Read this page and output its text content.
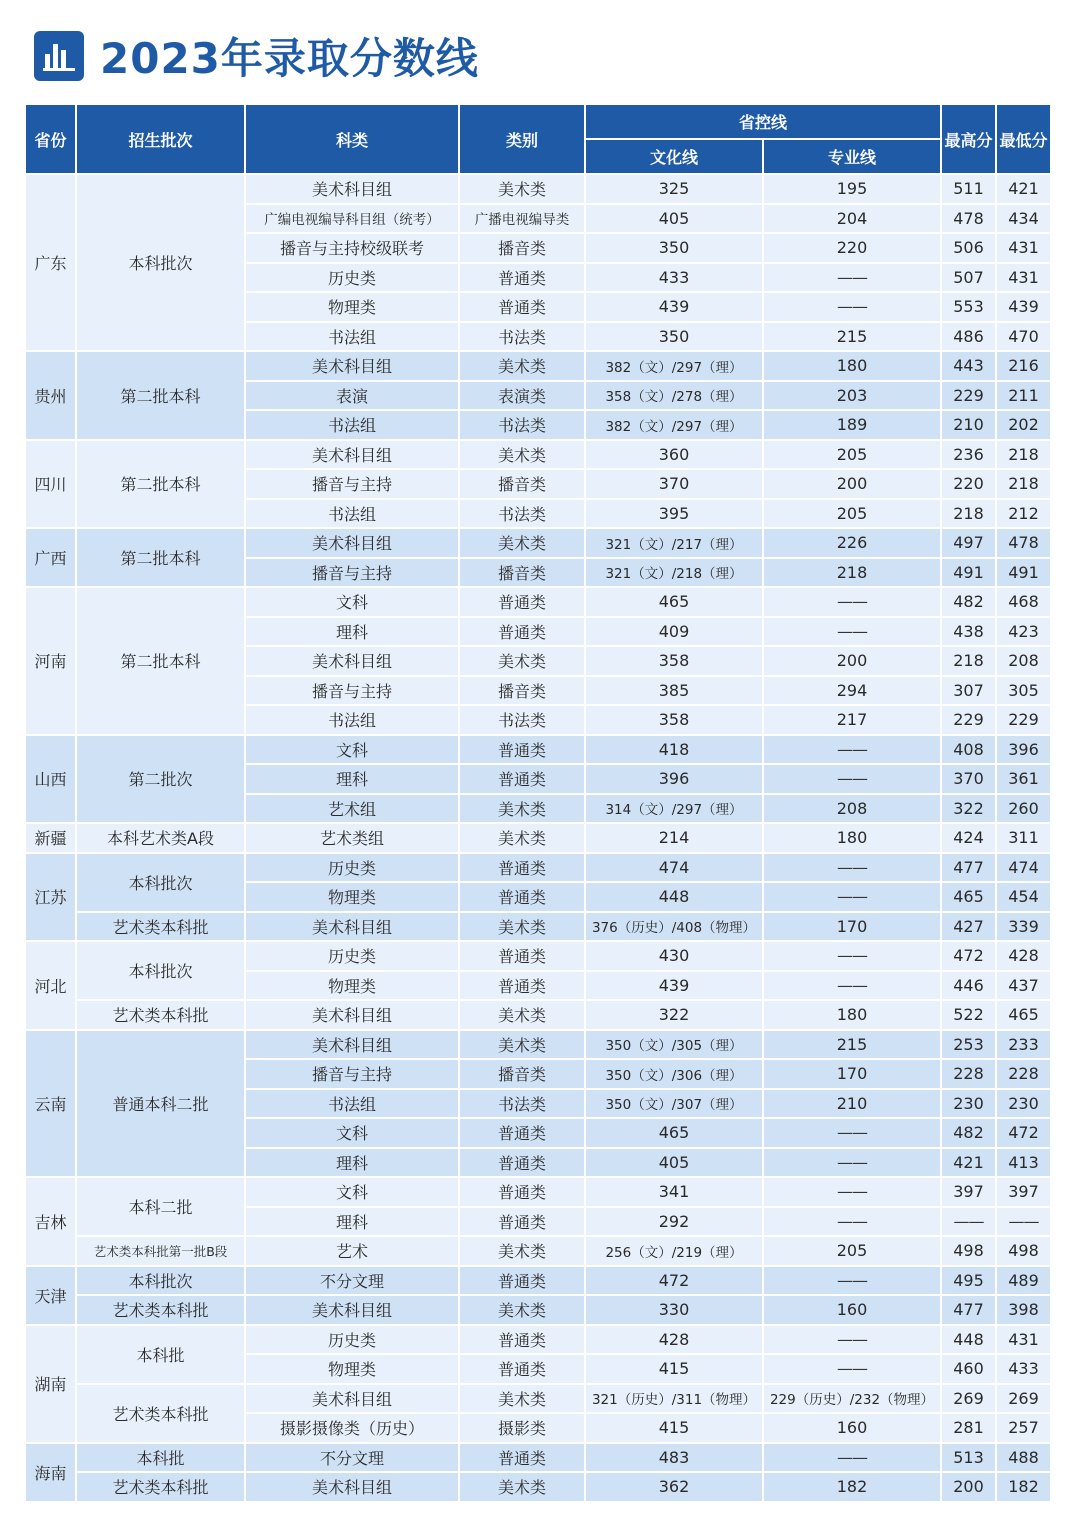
2023年录取分数线
省份	招生批次	科类	类别	省控线		最高分	最低分
				文化线	专业线		
广东	本科批次	美术科目组	美术类	325	195	511	421
		广编电视编导科目组（统考）	广播电视编导类	405	204	478	434
		播音与主持校级联考	播音类	350	220	506	431
		历史类	普通类	433	——	507	431
		物理类	普通类	439	——	553	439
		书法组	书法类	350	215	486	470
贵州	第二批本科	美术科目组	美术类	382（文）/297（理）	180	443	216
		表演	表演类	358（文）/278（理）	203	229	211
		书法组	书法类	382（文）/297（理）	189	210	202
四川	第二批本科	美术科目组	美术类	360	205	236	218
		播音与主持	播音类	370	200	220	218
		书法组	书法类	395	205	218	212
广西	第二批本科	美术科目组	美术类	321（文）/217（理）	226	497	478
		播音与主持	播音类	321（文）/218（理）	218	491	491
河南	第二批本科	文科	普通类	465	——	482	468
		理科	普通类	409	——	438	423
		美术科目组	美术类	358	200	218	208
		播音与主持	播音类	385	294	307	305
		书法组	书法类	358	217	229	229
山西	第二批次	文科	普通类	418	——	408	396
		理科	普通类	396	——	370	361
		艺术组	美术类	314（文）/297（理）	208	322	260
新疆	本科艺术类A段	艺术类组	美术类	214	180	424	311
江苏	本科批次	历史类	普通类	474	——	477	474
		物理类	普通类	448	——	465	454
	艺术类本科批	美术科目组	美术类	376（历史）/408（物理）	170	427	339
河北	本科批次	历史类	普通类	430	——	472	428
		物理类	普通类	439	——	446	437
	艺术类本科批	美术科目组	美术类	322	180	522	465
云南	普通本科二批	美术科目组	美术类	350（文）/305（理）	215	253	233
		播音与主持	播音类	350（文）/306（理）	170	228	228
		书法组	书法类	350（文）/307（理）	210	230	230
		文科	普通类	465	——	482	472
		理科	普通类	405	——	421	413
吉林	本科二批	文科	普通类	341	——	397	397
		理科	普通类	292	——	——	——
	艺术类本科批第一批B段	艺术	美术类	256（文）/219（理）	205	498	498
天津	本科批次	不分文理	普通类	472	——	495	489
	艺术类本科批	美术科目组	美术类	330	160	477	398
湖南	本科批	历史类	普通类	428	——	448	431
		物理类	普通类	415	——	460	433
	艺术类本科批	美术科目组	美术类	321（历史）/311（物理）	229（历史）/232（物理）	269	269
		摄影摄像类（历史）	摄影类	415	160	281	257
海南	本科批	不分文理	普通类	483	——	513	488
	艺术类本科批	美术科目组	美术类	362	182	200	182
